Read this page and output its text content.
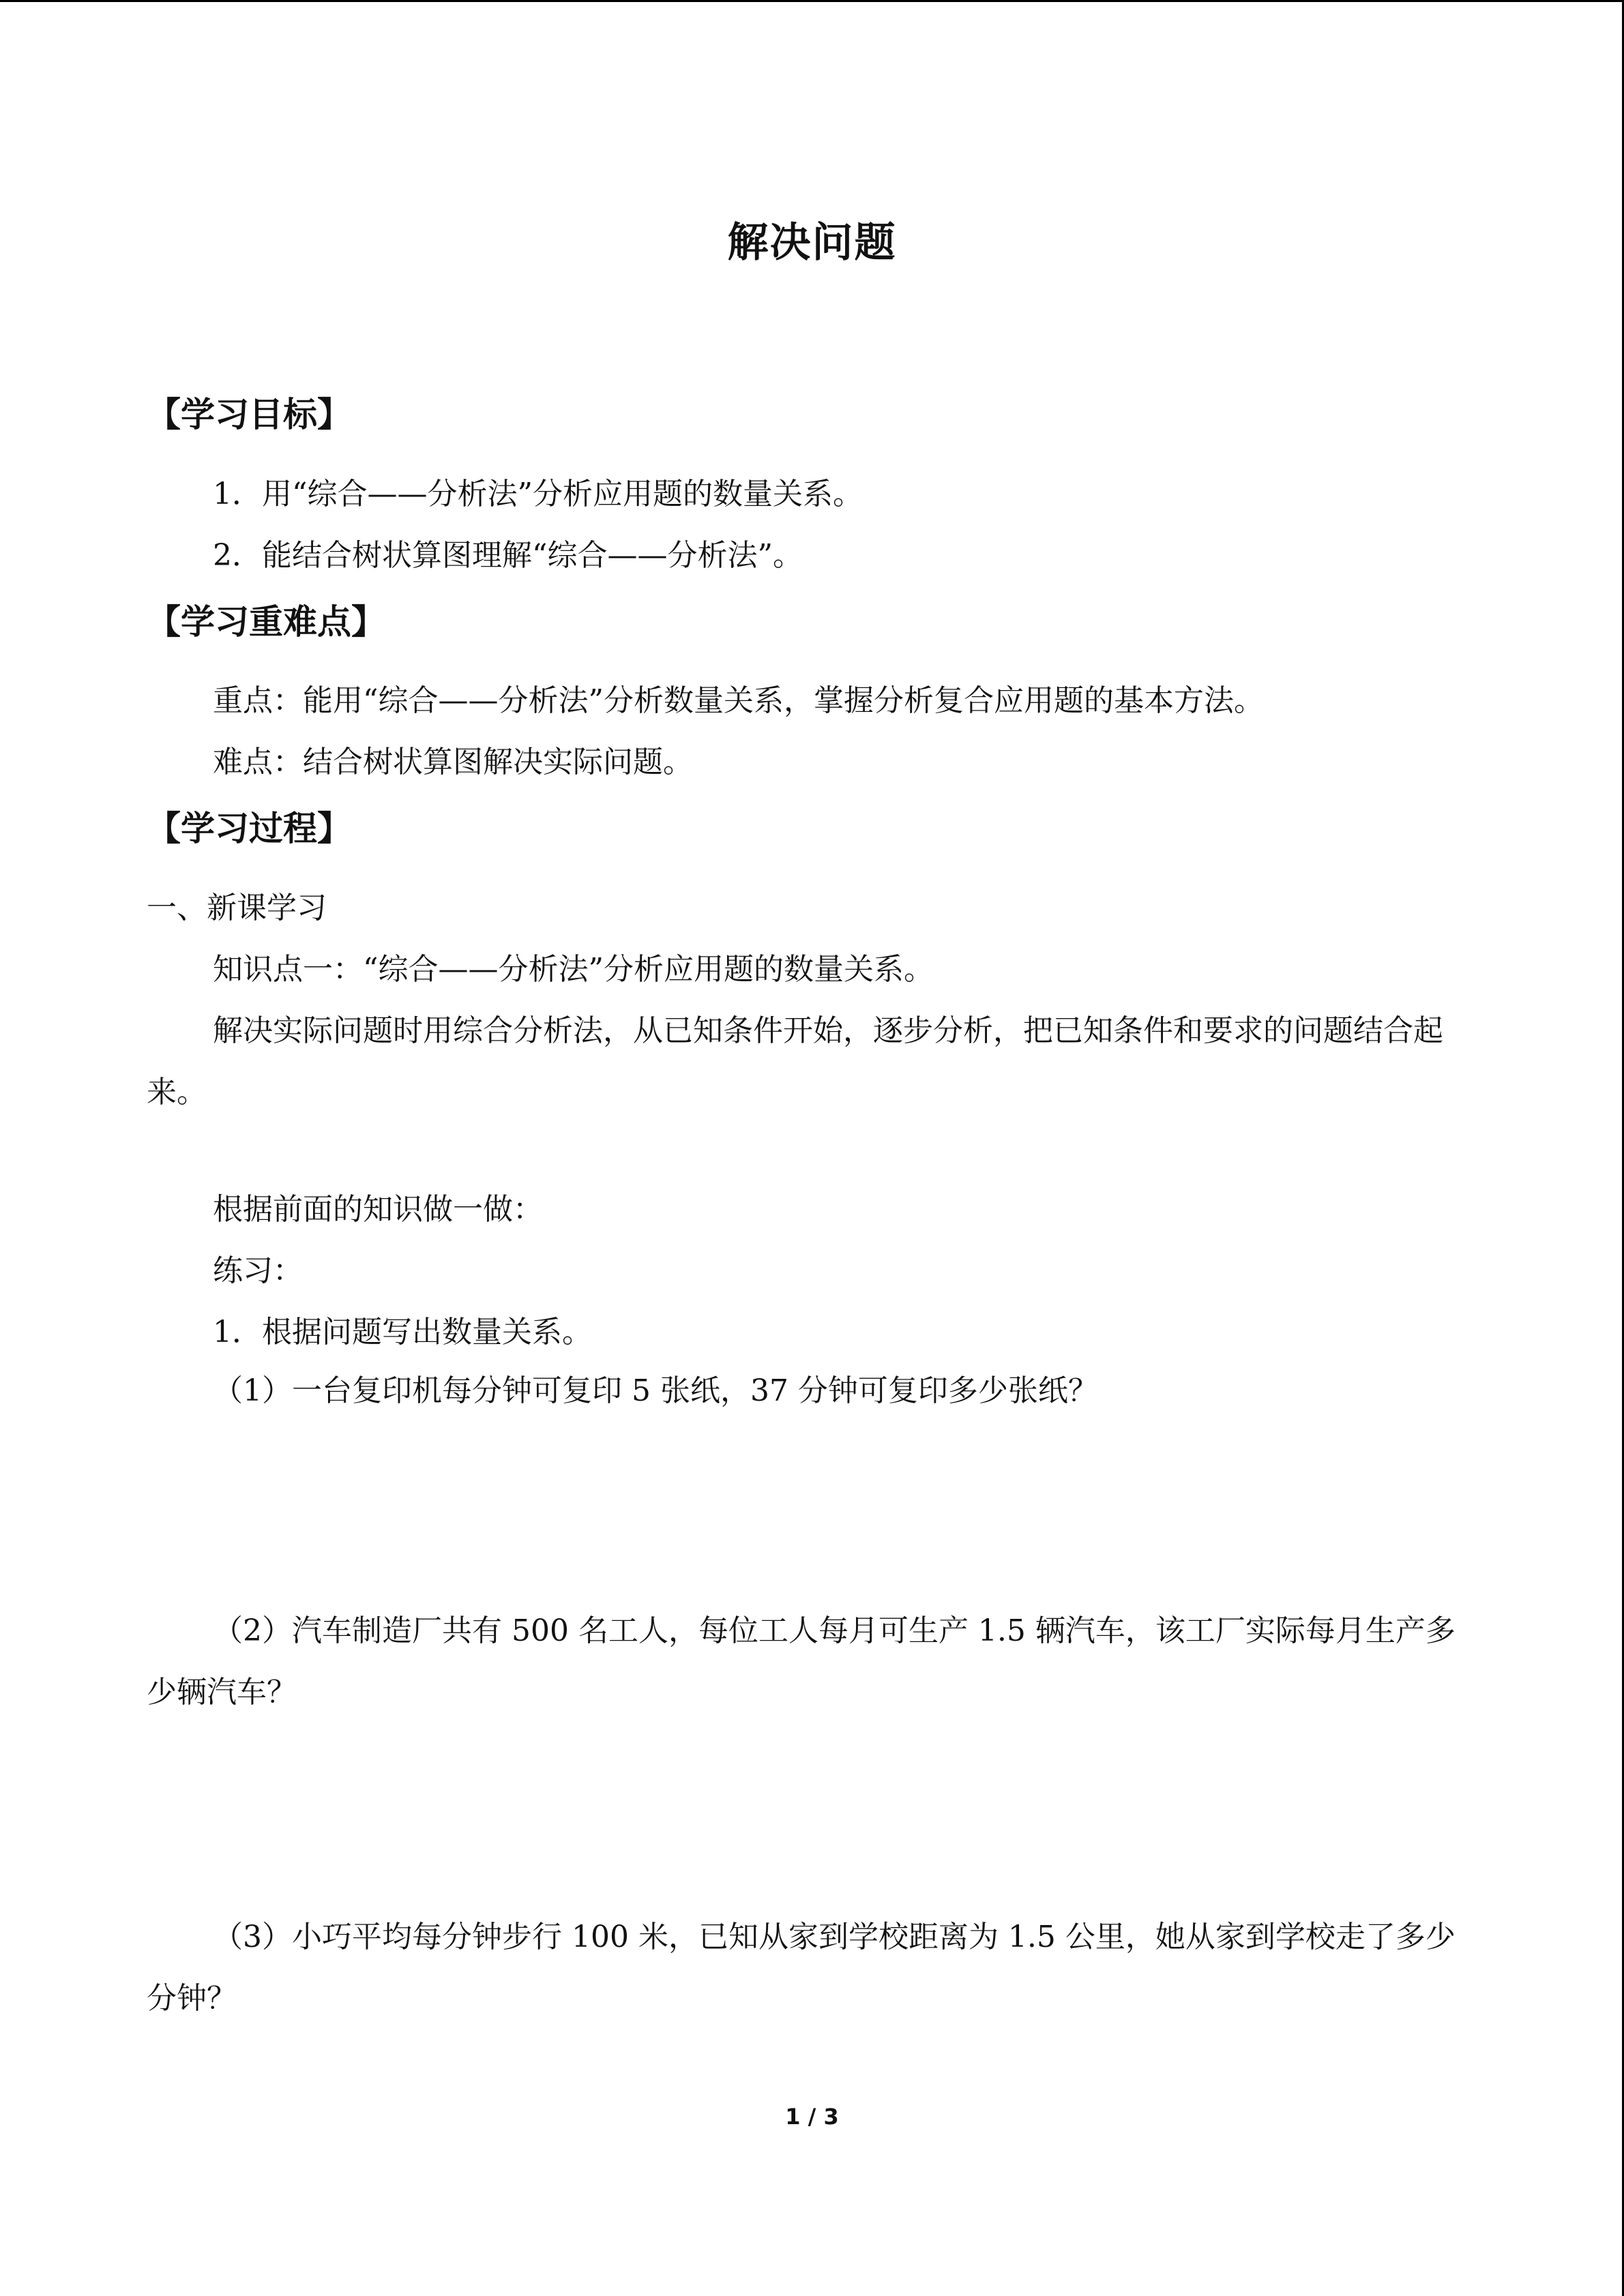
解决问题
【学习目标】

1．用“综合——分析法”分析应用题的数量关系。

2．能结合树状算图理解“综合——分析法”。

【学习重难点】

重点：能用“综合——分析法”分析数量关系，掌握分析复合应用题的基本方法。

难点：结合树状算图解决实际问题。

【学习过程】

一、新课学习

知识点一：“综合——分析法”分析应用题的数量关系。

解决实际问题时用综合分析法，从已知条件开始，逐步分析，把已知条件和要求的问题结合起来。

根据前面的知识做一做：

练习：

1．根据问题写出数量关系。

（1）一台复印机每分钟可复印 5 张纸，37 分钟可复印多少张纸？

（2）汽车制造厂共有 500 名工人，每位工人每月可生产 1.5 辆汽车，该工厂实际每月生产多少辆汽车？

（3）小巧平均每分钟步行 100 米，已知从家到学校距离为 1.5 公里，她从家到学校走了多少分钟？

1 / 3
